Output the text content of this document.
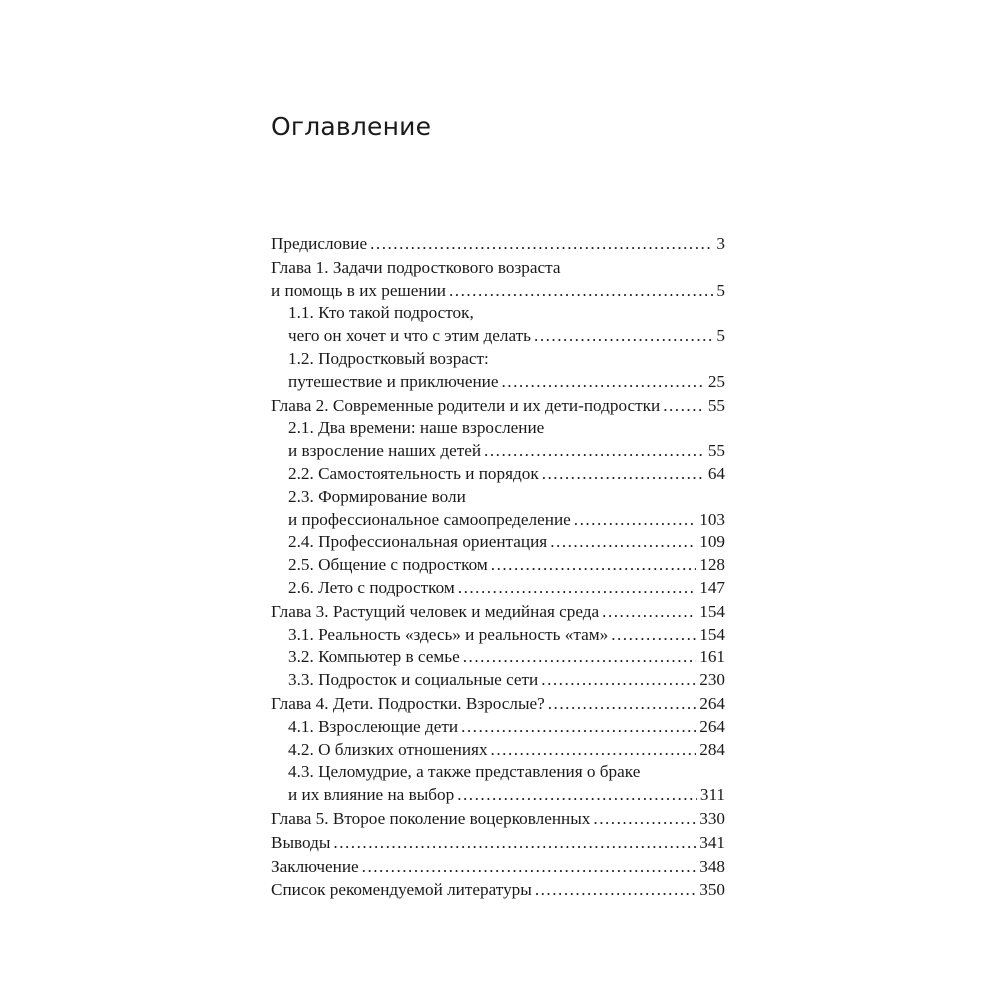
Оглавление
Предисловие .....	3
Глава 1. Задачи подросткового возраста
и помощь в их решении .....	5
1.1. Кто такой подросток,
чего он хочет и что с этим делать .....	5
1.2. Подростковый возраст:
путешествие и приключение .....	25
Глава 2. Современные родители и их дети-подростки .....	55
2.1. Два времени: наше взросление
и взросление наших детей .....	55
2.2. Самостоятельность и порядок .....	64
2.3. Формирование воли
и профессиональное самоопределение .....	103
2.4. Профессиональная ориентация .....	109
2.5. Общение с подростком .....	128
2.6. Лето с подростком .....	147
Глава 3. Растущий человек и медийная среда .....	154
3.1. Реальность «здесь» и реальность «там» .....	154
3.2. Компьютер в семье .....	161
3.3. Подросток и социальные сети .....	230
Глава 4. Дети. Подростки. Взрослые? .....	264
4.1. Взрослеющие дети .....	264
4.2. О близких отношениях .....	284
4.3. Целомудрие, а также представления о браке
и их влияние на выбор .....	311
Глава 5. Второе поколение воцерковленных .....	330
Выводы .....	341
Заключение .....	348
Список рекомендуемой литературы .....	350
